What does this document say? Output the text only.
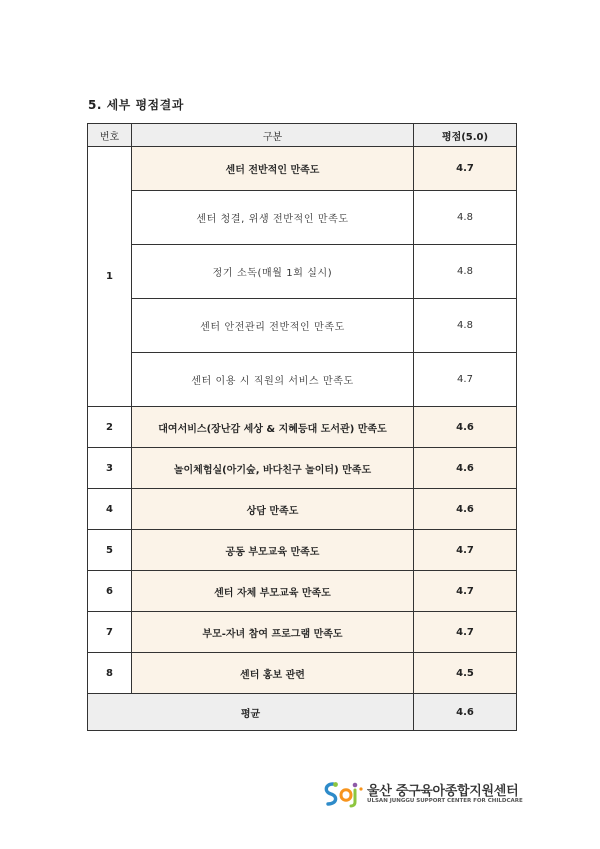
5. 세부 평점결과
번호	구분	평점(5.0)
1	센터 전반적인 만족도	4.7
	센터 청결, 위생 전반적인 만족도	4.8
	정기 소독(매월 1회 실시)	4.8
	센터 안전관리 전반적인 만족도	4.8
	센터 이용 시 직원의 서비스 만족도	4.7
2	대여서비스(장난감 세상 & 지혜등대 도서관) 만족도	4.6
3	놀이체험실(아기숲, 바다친구 놀이터) 만족도	4.6
4	상담 만족도	4.6
5	공동 부모교육 만족도	4.7
6	센터 자체 부모교육 만족도	4.7
7	부모-자녀 참여 프로그램 만족도	4.7
8	센터 홍보 관련	4.5
평균		4.6
울산 중구육아종합지원센터
ULSAN JUNGGU SUPPORT CENTER FOR CHILDCARE
